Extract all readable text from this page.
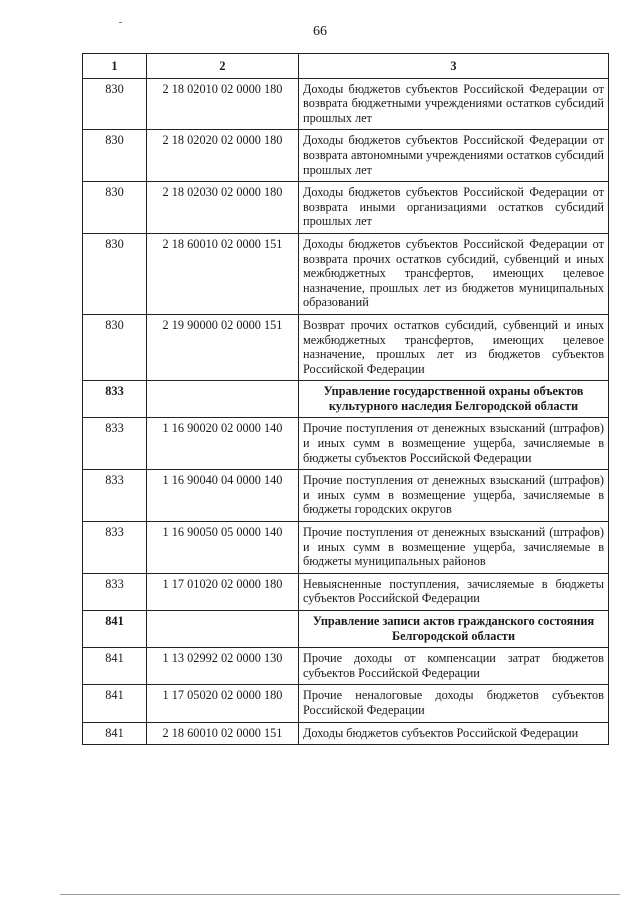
66
1	2	3
830	2 18 02010 02 0000 180	Доходы бюджетов субъектов Российской Федерации от возврата бюджетными учреждениями остатков субсидий прошлых лет
830	2 18 02020 02 0000 180	Доходы бюджетов субъектов Российской Федерации от возврата автономными учреждениями остатков субсидий прошлых лет
830	2 18 02030 02 0000 180	Доходы бюджетов субъектов Российской Федерации от возврата иными организациями остатков субсидий прошлых лет
830	2 18 60010 02 0000 151	Доходы бюджетов субъектов Российской Федерации от возврата прочих остатков субсидий, субвенций и иных межбюджетных трансфертов, имеющих целевое назначение, прошлых лет из бюджетов муниципальных образований
830	2 19 90000 02 0000 151	Возврат прочих остатков субсидий, субвенций и иных межбюджетных трансфертов, имеющих целевое назначение, прошлых лет из бюджетов субъектов Российской Федерации
833		Управление государственной охраны объектов культурного наследия Белгородской области
833	1 16 90020 02 0000 140	Прочие поступления от денежных взысканий (штрафов) и иных сумм в возмещение ущерба, зачисляемые в бюджеты субъектов Российской Федерации
833	1 16 90040 04 0000 140	Прочие поступления от денежных взысканий (штрафов) и иных сумм в возмещение ущерба, зачисляемые в бюджеты городских округов
833	1 16 90050 05 0000 140	Прочие поступления от денежных взысканий (штрафов) и иных сумм в возмещение ущерба, зачисляемые в бюджеты муниципальных районов
833	1 17 01020 02 0000 180	Невыясненные поступления, зачисляемые в бюджеты субъектов Российской Федерации
841		Управление записи актов гражданского состояния Белгородской области
841	1 13 02992 02 0000 130	Прочие доходы от компенсации затрат бюджетов субъектов Российской Федерации
841	1 17 05020 02 0000 180	Прочие неналоговые доходы бюджетов субъектов Российской Федерации
841	2 18 60010 02 0000 151	Доходы бюджетов субъектов Российской Федерации
